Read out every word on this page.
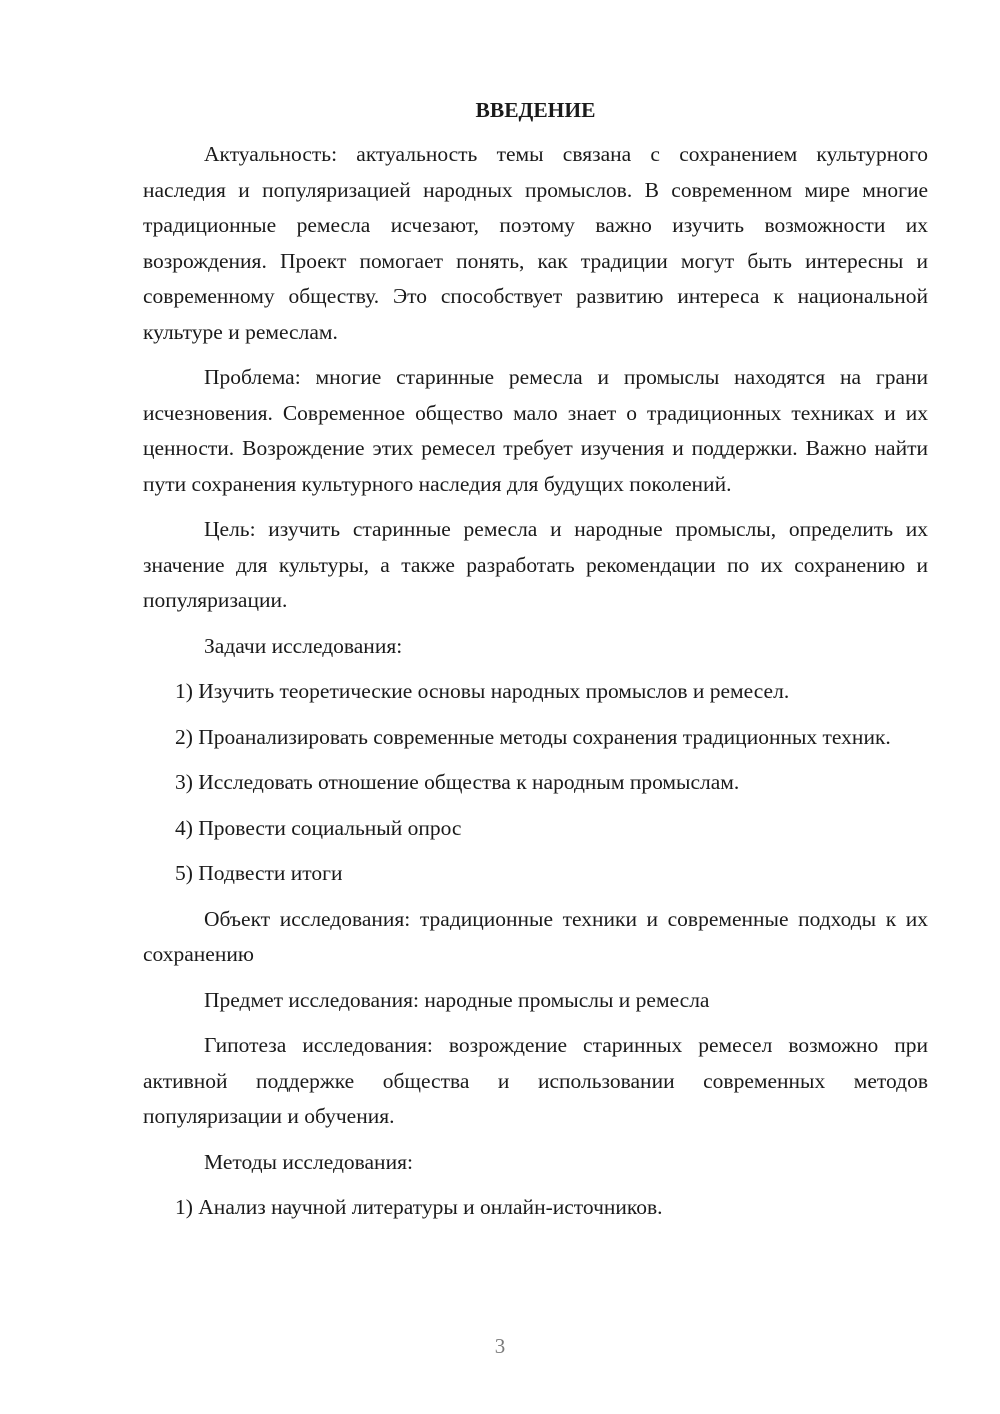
ВВЕДЕНИЕ

Актуальность: актуальность темы связана с сохранением культурного наследия и популяризацией народных промыслов. В современном мире многие традиционные ремесла исчезают, поэтому важно изучить возможности их возрождения. Проект помогает понять, как традиции могут быть интересны и современному обществу. Это способствует развитию интереса к национальной культуре и ремеслам.

Проблема: многие старинные ремесла и промыслы находятся на грани исчезновения. Современное общество мало знает о традиционных техниках и их ценности. Возрождение этих ремесел требует изучения и поддержки. Важно найти пути сохранения культурного наследия для будущих поколений.

Цель: изучить старинные ремесла и народные промыслы, определить их значение для культуры, а также разработать рекомендации по их сохранению и популяризации.

Задачи исследования:

1) Изучить теоретические основы народных промыслов и ремесел.

2) Проанализировать современные методы сохранения традиционных техник.

3) Исследовать отношение общества к народным промыслам.

4) Провести социальный опрос

5) Подвести итоги

Объект исследования: традиционные техники и современные подходы к их сохранению

Предмет исследования: народные промыслы и ремесла

Гипотеза исследования: возрождение старинных ремесел возможно при активной поддержке общества и использовании современных методов популяризации и обучения.

Методы исследования:

1) Анализ научной литературы и онлайн-источников.

3
